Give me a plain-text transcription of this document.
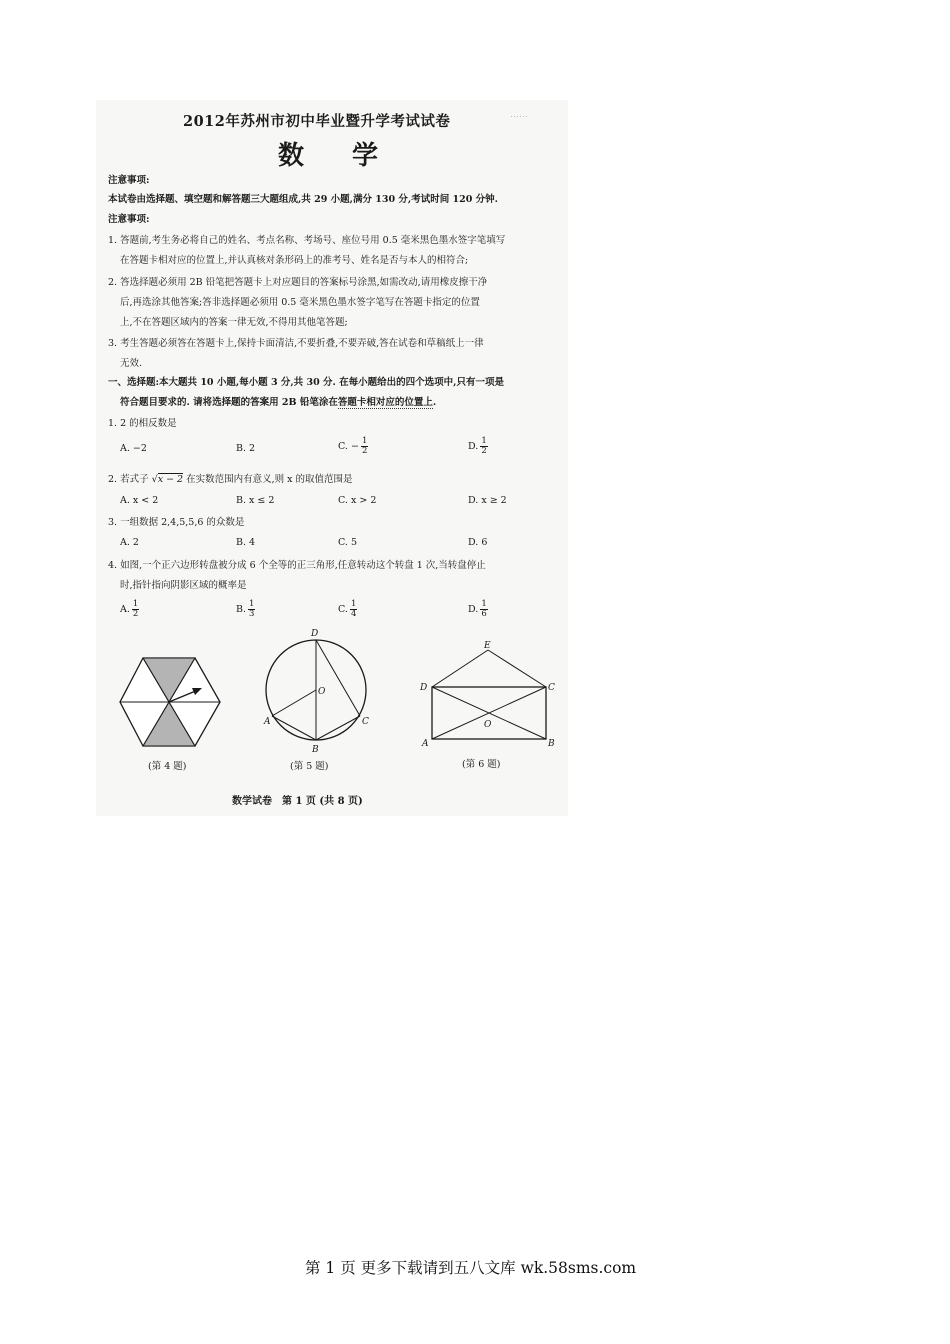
2012年苏州市初中毕业暨升学考试试卷	⋯⋯
数学
注意事项:
本试卷由选择题、填空题和解答题三大题组成,共 29 小题,满分 130 分,考试时间 120 分钟.
注意事项:
1. 答题前,考生务必将自己的姓名、考点名称、考场号、座位号用 0.5 毫米黑色墨水签字笔填写
在答题卡相对应的位置上,并认真核对条形码上的准考号、姓名是否与本人的相符合;
2. 答选择题必须用 2B 铅笔把答题卡上对应题目的答案标号涂黑,如需改动,请用橡皮擦干净
后,再选涂其他答案;答非选择题必须用 0.5 毫米黑色墨水签字笔写在答题卡指定的位置
上,不在答题区域内的答案一律无效,不得用其他笔答题;
3. 考生答题必须答在答题卡上,保持卡面清洁,不要折叠,不要弄破,答在试卷和草稿纸上一律
无效.
一、选择题:本大题共 10 小题,每小题 3 分,共 30 分. 在每小题给出的四个选项中,只有一项是
符合题目要求的. 请将选择题的答案用 2B 铅笔涂在答题卡相对应的位置上.
1. 2 的相反数是
A. −2	B. 2	C. − $\frac{1}{2}$	D. $\frac{1}{2}$
2. 若式子 √x − 2 在实数范围内有意义,则 x 的取值范围是
A. x < 2	B. x ≤ 2	C. x > 2	D. x ≥ 2
3. 一组数据 2,4,5,5,6 的众数是
A. 2	B. 4	C. 5	D. 6
4. 如图,一个正六边形转盘被分成 6 个全等的正三角形,任意转动这个转盘 1 次,当转盘停止
时,指针指向阴影区域的概率是
A. $\frac{1}{2}$	B. $\frac{1}{3}$	C. $\frac{1}{4}$	D. $\frac{1}{6}$
(第 4 题)
D
O
A	C
B
(第 5 题)
E
D	C
O
A	B
(第 6 题)
数学试卷　第 1 页 (共 8 页)
第 1 页 更多下载请到五八文库 wk.58sms.com
